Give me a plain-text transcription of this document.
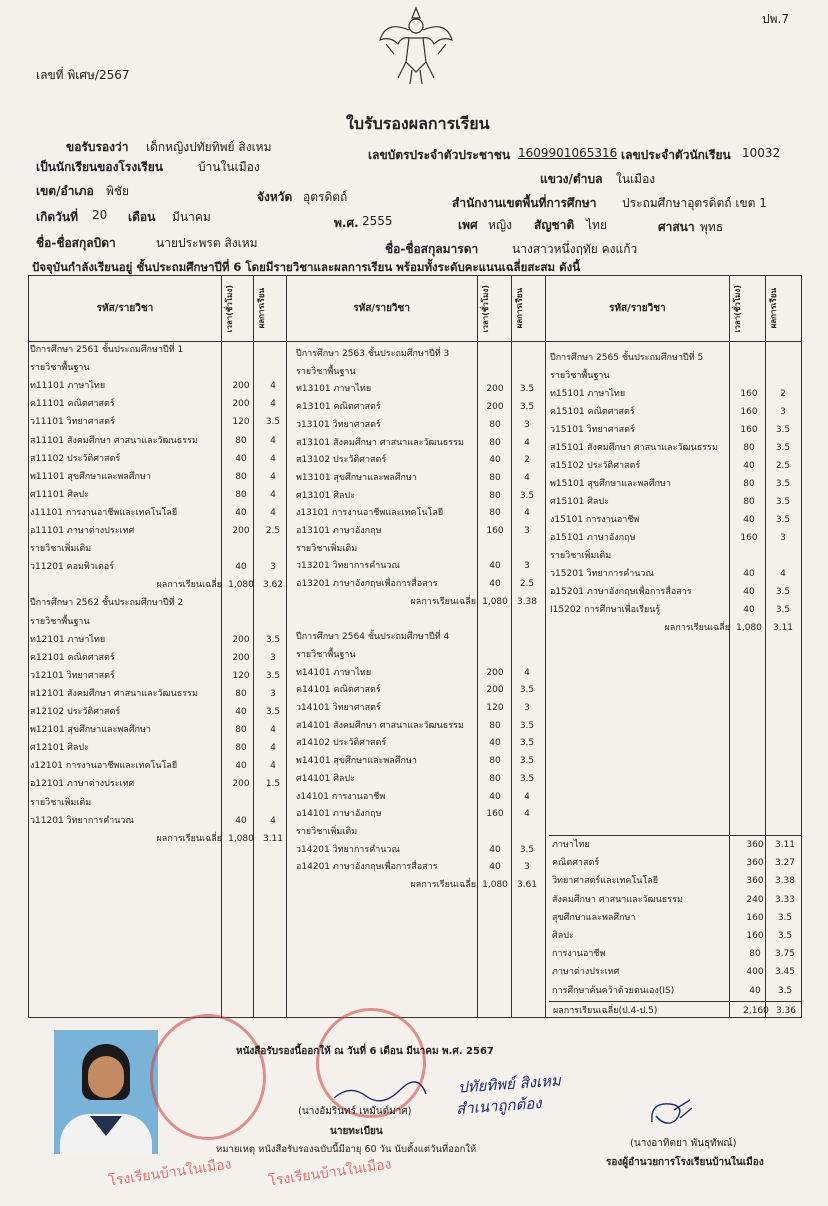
ปพ.7
เลขที่ พิเศษ/2567
ใบรับรองผลการเรียน
ขอรับรองว่า เด็กหญิงปทัยทิพย์ สิงเหม
เลขบัตรประจำตัวประชาชน 1609901065316 เลขประจำตัวนักเรียน 10032
เป็นนักเรียนของโรงเรียน	บ้านในเมือง
แขวง/ตำบล ในเมือง
เขต/อำเภอ พิชัย	จังหวัด อุตรดิตถ์	สำนักงานเขตพื้นที่การศึกษา ประถมศึกษาอุตรดิตถ์ เขต 1
เกิดวันที่ 20 เดือน มีนาคม	พ.ศ. 2555	เพศ หญิง สัญชาติ ไทย	ศาสนา พุทธ
ชื่อ-ชื่อสกุลบิดา	นายประพรต สิงเหม	ชื่อ-ชื่อสกุลมารดา	นางสาวหนึ่งฤทัย คงแก้ว
ปัจจุบันกำลังเรียนอยู่ ชั้นประถมศึกษาปีที่ 6 โดยมีรายวิชาและผลการเรียน พร้อมทั้งระดับคะแนนเฉลี่ยสะสม ดังนี้
รหัส/รายวิชา	เวลา(ชั่วโมง)	ผลการเรียน	รหัส/รายวิชา	เวลา(ชั่วโมง)	ผลการเรียน	รหัส/รายวิชา	เวลา(ชั่วโมง)	ผลการเรียน

ปีการศึกษา 2561 ชั้นประถมศึกษาปีที่ 1
รายวิชาพื้นฐาน
ท11101 ภาษาไทย	200	4
ค11101 คณิตศาสตร์	200	4
ว11101 วิทยาศาสตร์	120	3.5
ส11101 สังคมศึกษา ศาสนาและวัฒนธรรม	80	4
ส11102 ประวัติศาสตร์	40	4
พ11101 สุขศึกษาและพลศึกษา	80	4
ศ11101 ศิลปะ	80	4
ง11101 การงานอาชีพและเทคโนโลยี	40	4
อ11101 ภาษาต่างประเทศ	200	2.5
รายวิชาเพิ่มเติม
ว11201 คอมพิวเตอร์	40	3
ผลการเรียนเฉลี่ย 1,080	3.62
ปีการศึกษา 2562 ชั้นประถมศึกษาปีที่ 2
รายวิชาพื้นฐาน
ท12101 ภาษาไทย	200	3.5
ค12101 คณิตศาสตร์	200	3
ว12101 วิทยาศาสตร์	120	3.5
ส12101 สังคมศึกษา ศาสนาและวัฒนธรรม	80	3
ส12102 ประวัติศาสตร์	40	3.5
พ12101 สุขศึกษาและพลศึกษา	80	4
ศ12101 ศิลปะ	80	4
ง12101 การงานอาชีพและเทคโนโลยี	40	4
อ12101 ภาษาต่างประเทศ	200	1.5
รายวิชาเพิ่มเติม
ว11201 วิทยาการคำนวณ	40	4
ผลการเรียนเฉลี่ย 1,080	3.11
ปีการศึกษา 2563 ชั้นประถมศึกษาปีที่ 3
รายวิชาพื้นฐาน
ท13101 ภาษาไทย	200	3.5
ค13101 คณิตศาสตร์	200	3.5
ว13101 วิทยาศาสตร์	80	3
ส13101 สังคมศึกษา ศาสนาและวัฒนธรรม	80	4
ส13102 ประวัติศาสตร์	40	2
พ13101 สุขศึกษาและพลศึกษา	80	4
ศ13101 ศิลปะ	80	3.5
ง13101 การงานอาชีพและเทคโนโลยี	80	4
อ13101 ภาษาอังกฤษ	160	3
รายวิชาเพิ่มเติม
ว13201 วิทยาการคำนวณ	40	3
อ13201 ภาษาอังกฤษเพื่อการสื่อสาร	40	2.5
ผลการเรียนเฉลี่ย 1,080	3.38
ปีการศึกษา 2564 ชั้นประถมศึกษาปีที่ 4
รายวิชาพื้นฐาน
ท14101 ภาษาไทย	200	4
ค14101 คณิตศาสตร์	200	3.5
ว14101 วิทยาศาสตร์	120	3
ส14101 สังคมศึกษา ศาสนาและวัฒนธรรม	80	3.5
ส14102 ประวัติศาสตร์	40	3.5
พ14101 สุขศึกษาและพลศึกษา	80	3.5
ศ14101 ศิลปะ	80	3.5
ง14101 การงานอาชีพ	40	4
อ14101 ภาษาอังกฤษ	160	4
รายวิชาเพิ่มเติม
ว14201 วิทยาการคำนวณ	40	3.5
อ14201 ภาษาอังกฤษเพื่อการสื่อสาร	40	3
ผลการเรียนเฉลี่ย 1,080	3.61
ปีการศึกษา 2565 ชั้นประถมศึกษาปีที่ 5
รายวิชาพื้นฐาน
ท15101 ภาษาไทย	160	2
ค15101 คณิตศาสตร์	160	3
ว15101 วิทยาศาสตร์	160	3.5
ส15101 สังคมศึกษา ศาสนาและวัฒนธรรม	80	3.5
ส15102 ประวัติศาสตร์	40	2.5
พ15101 สุขศึกษาและพลศึกษา	80	3.5
ศ15101 ศิลปะ	80	3.5
ง15101 การงานอาชีพ	40	3.5
อ15101 ภาษาอังกฤษ	160	3
รายวิชาเพิ่มเติม
ว15201 วิทยาการคำนวณ	40	4
อ15201 ภาษาอังกฤษเพื่อการสื่อสาร	40	3.5
I15202 การศึกษาเพื่อเรียนรู้	40	3.5
ผลการเรียนเฉลี่ย 1,080	3.11
ภาษาไทย	360	3.11
คณิตศาสตร์	360	3.27
วิทยาศาสตร์และเทคโนโลยี	360	3.38
สังคมศึกษา ศาสนาและวัฒนธรรม	240	3.33
สุขศึกษาและพลศึกษา	160	3.5
ศิลปะ	160	3.5
การงานอาชีพ	80	3.75
ภาษาต่างประเทศ	400	3.45
การศึกษาค้นคว้าด้วยตนเอง(IS)	40	3.5
ผลการเรียนเฉลี่ย(ป.4-ป.5)	2,160 3.36
โรงเรียนบ้านในเมือง	โรงเรียนบ้านในเมือง
หนังสือรับรองนี้ออกให้ ณ วันที่ 6 เดือน มีนาคม พ.ศ. 2567
ปทัยทิพย์ สิงเหม
สำเนาถูกต้อง
(นางอัมรินทร์ เหมันต์มาศ)
นายทะเบียน
หมายเหตุ หนังสือรับรองฉบับนี้มีอายุ 60 วัน นับตั้งแต่วันที่ออกให้
(นางอาทิตยา พันธุทัพณ์)
รองผู้อำนวยการโรงเรียนบ้านในเมือง
